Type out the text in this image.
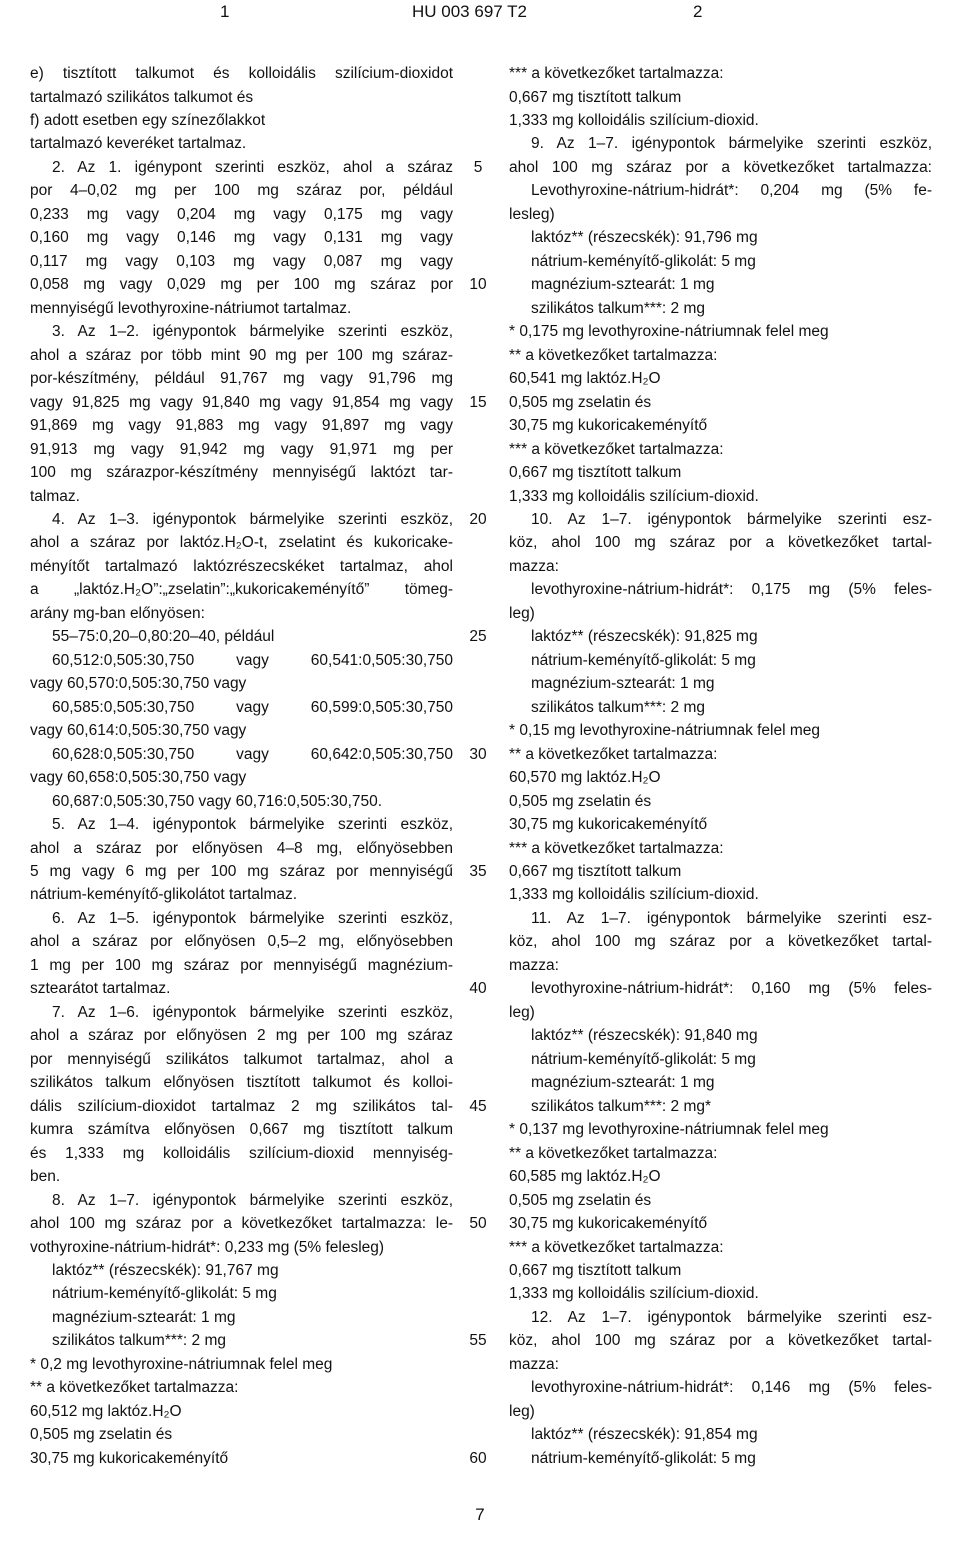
1	HU 003 697 T2	2
e) tisztított talkumot és kolloidális szilícium-dioxidot
tartalmazó szilikátos talkumot és
f) adott esetben egy színezőlakkot
tartalmazó keveréket tartalmaz.
2. Az 1. igénypont szerinti eszköz, ahol a száraz
por 4–0,02 mg per 100 mg száraz por, például
0,233 mg vagy 0,204 mg vagy 0,175 mg vagy
0,160 mg vagy 0,146 mg vagy 0,131 mg vagy
0,117 mg vagy 0,103 mg vagy 0,087 mg vagy
0,058 mg vagy 0,029 mg per 100 mg száraz por
mennyiségű levothyroxine-nátriumot tartalmaz.
3. Az 1–2. igénypontok bármelyike szerinti eszköz,
ahol a száraz por több mint 90 mg per 100 mg száraz-
por-készítmény, például 91,767 mg vagy 91,796 mg
vagy 91,825 mg vagy 91,840 mg vagy 91,854 mg vagy
91,869 mg vagy 91,883 mg vagy 91,897 mg vagy
91,913 mg vagy 91,942 mg vagy 91,971 mg per
100 mg szárazpor-készítmény mennyiségű laktózt tar-
talmaz.
4. Az 1–3. igénypontok bármelyike szerinti eszköz,
ahol a száraz por laktóz.H₂O-t, zselatint és kukoricake-
ményítőt tartalmazó laktózrészecskéket tartalmaz, ahol
a „laktóz.H₂O”:„zselatin”:„kukoricakeményítő” tömeg-
arány mg-ban előnyösen:
55–75:0,20–0,80:20–40, például
60,512:0,505:30,750 vagy 60,541:0,505:30,750
vagy 60,570:0,505:30,750 vagy
60,585:0,505:30,750 vagy 60,599:0,505:30,750
vagy 60,614:0,505:30,750 vagy
60,628:0,505:30,750 vagy 60,642:0,505:30,750
vagy 60,658:0,505:30,750 vagy
60,687:0,505:30,750 vagy 60,716:0,505:30,750.
5. Az 1–4. igénypontok bármelyike szerinti eszköz,
ahol a száraz por előnyösen 4–8 mg, előnyösebben
5 mg vagy 6 mg per 100 mg száraz por mennyiségű
nátrium-keményítő-glikolátot tartalmaz.
6. Az 1–5. igénypontok bármelyike szerinti eszköz,
ahol a száraz por előnyösen 0,5–2 mg, előnyösebben
1 mg per 100 mg száraz por mennyiségű magnézium-
sztearátot tartalmaz.
7. Az 1–6. igénypontok bármelyike szerinti eszköz,
ahol a száraz por előnyösen 2 mg per 100 mg száraz
por mennyiségű szilikátos talkumot tartalmaz, ahol a
szilikátos talkum előnyösen tisztított talkumot és kolloi-
dális szilícium-dioxidot tartalmaz 2 mg szilikátos tal-
kumra számítva előnyösen 0,667 mg tisztított talkum
és 1,333 mg kolloidális szilícium-dioxid mennyiség-
ben.
8. Az 1–7. igénypontok bármelyike szerinti eszköz,
ahol 100 mg száraz por a következőket tartalmazza: le-
vothyroxine-nátrium-hidrát*: 0,233 mg (5% felesleg)
laktóz** (részecskék): 91,767 mg
nátrium-keményítő-glikolát: 5 mg
magnézium-sztearát: 1 mg
szilikátos talkum***: 2 mg
* 0,2 mg levothyroxine-nátriumnak felel meg
** a következőket tartalmazza:
60,512 mg laktóz.H₂O
0,505 mg zselatin és
30,75 mg kukoricakeményítő
5
10
15
20
25
30
35
40
45
50
55
60
*** a következőket tartalmazza:
0,667 mg tisztított talkum
1,333 mg kolloidális szilícium-dioxid.
9. Az 1–7. igénypontok bármelyike szerinti eszköz,
ahol 100 mg száraz por a következőket tartalmazza:
Levothyroxine-nátrium-hidrát*: 0,204 mg (5% fe-
lesleg)
laktóz** (részecskék): 91,796 mg
nátrium-keményítő-glikolát: 5 mg
magnézium-sztearát: 1 mg
szilikátos talkum***: 2 mg
* 0,175 mg levothyroxine-nátriumnak felel meg
** a következőket tartalmazza:
60,541 mg laktóz.H₂O
0,505 mg zselatin és
30,75 mg kukoricakeményítő
*** a következőket tartalmazza:
0,667 mg tisztított talkum
1,333 mg kolloidális szilícium-dioxid.
10. Az 1–7. igénypontok bármelyike szerinti esz-
köz, ahol 100 mg száraz por a következőket tartal-
mazza:
levothyroxine-nátrium-hidrát*: 0,175 mg (5% feles-
leg)
laktóz** (részecskék): 91,825 mg
nátrium-keményítő-glikolát: 5 mg
magnézium-sztearát: 1 mg
szilikátos talkum***: 2 mg
* 0,15 mg levothyroxine-nátriumnak felel meg
** a következőket tartalmazza:
60,570 mg laktóz.H₂O
0,505 mg zselatin és
30,75 mg kukoricakeményítő
*** a következőket tartalmazza:
0,667 mg tisztított talkum
1,333 mg kolloidális szilícium-dioxid.
11. Az 1–7. igénypontok bármelyike szerinti esz-
köz, ahol 100 mg száraz por a következőket tartal-
mazza:
levothyroxine-nátrium-hidrát*: 0,160 mg (5% feles-
leg)
laktóz** (részecskék): 91,840 mg
nátrium-keményítő-glikolát: 5 mg
magnézium-sztearát: 1 mg
szilikátos talkum***: 2 mg*
* 0,137 mg levothyroxine-nátriumnak felel meg
** a következőket tartalmazza:
60,585 mg laktóz.H₂O
0,505 mg zselatin és
30,75 mg kukoricakeményítő
*** a következőket tartalmazza:
0,667 mg tisztított talkum
1,333 mg kolloidális szilícium-dioxid.
12. Az 1–7. igénypontok bármelyike szerinti esz-
köz, ahol 100 mg száraz por a következőket tartal-
mazza:
levothyroxine-nátrium-hidrát*: 0,146 mg (5% feles-
leg)
laktóz** (részecskék): 91,854 mg
nátrium-keményítő-glikolát: 5 mg
7
